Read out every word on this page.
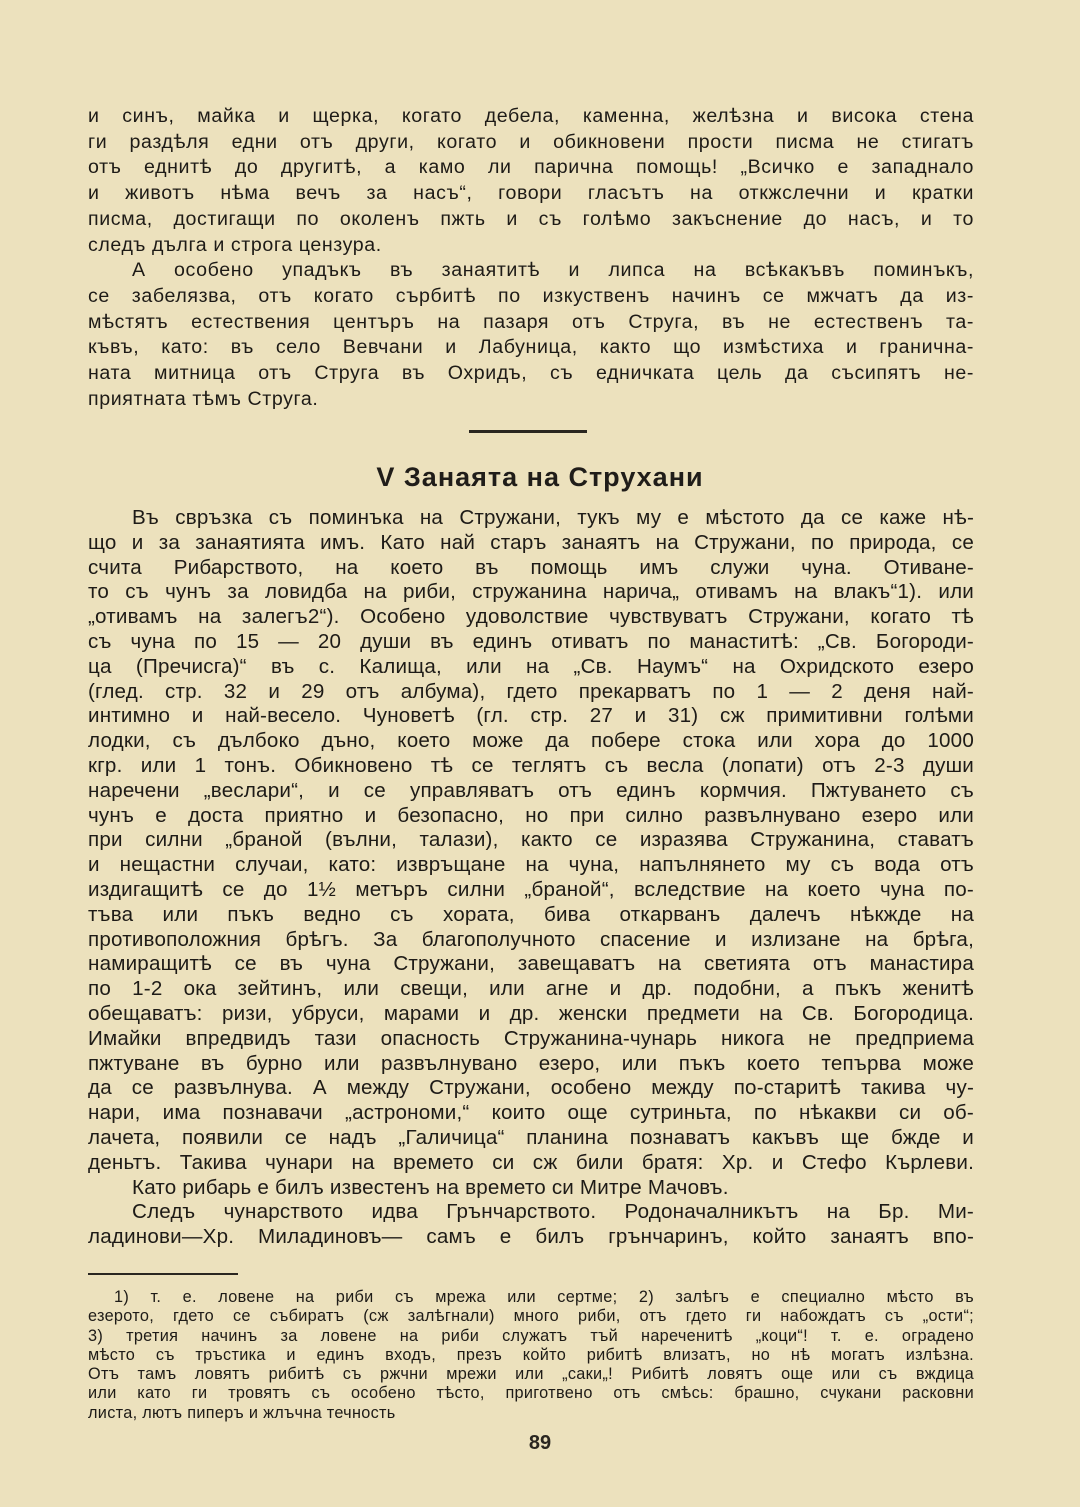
и синъ, майка и щерка, когато дебела, каменна, желѣзна и висока стена
ги раздѣля едни отъ други, когато и обикновени прости писма не стигатъ
отъ еднитѣ до другитѣ, а камо ли парична помощь! „Всичко е западнало
и животъ нѣма вечъ за насъ“, говори гласътъ на откжслечни и кратки
писма, достигащи по околенъ пжть и съ голѣмо закъснение до насъ, и то
следъ дълга и строга цензура.
А особено упадъкъ въ занаятитѣ и липса на всѣкакъвъ поминъкъ,
се забелязва, отъ когато сърбитѣ по изкуственъ начинъ се мжчатъ да из-
мѣстятъ естествения центъръ на пазаря отъ Струга, въ не естественъ та-
къвъ, като: въ село Вевчани и Лабуница, както що измѣстиха и гранична-
ната митница отъ Струга въ Охридъ, съ едничката цель да съсипятъ не-
приятната тѣмъ Струга.
V Занаята на Струхани
Въ свръзка съ поминъка на Стружани, тукъ му е мѣстото да се каже нѣ-
що и за занаятията имъ. Като най старъ занаятъ на Стружани, по природа, се
счита Рибарството, на което въ помощь имъ служи чуна. Отиване-
то съ чунъ за ловидба на риби, стружанина нарича„ отивамъ на влакъ“1). или
„отивамъ на залегъ2“). Особено удоволствие чувствуватъ Стружани, когато тѣ
съ чуна по 15 — 20 души въ единъ отиватъ по манаститѣ: „Св. Богороди-
ца (Пречисга)“ въ с. Калища, или на „Св. Наумъ“ на Охридското езеро
(глед. стр. 32 и 29 отъ албума), гдето прекарватъ по 1 — 2 деня най-
интимно и най-весело. Чуноветѣ (гл. стр. 27 и 31) сж примитивни голѣми
лодки, съ дълбоко дъно, което може да побере стока или хора до 1000
кгр. или 1 тонъ. Обикновено тѣ се теглятъ съ весла (лопати) отъ 2-3 души
наречени „веслари“, и се управляватъ отъ единъ кормчия. Пжтуването съ
чунъ е доста приятно и безопасно, но при силно развълнувано езеро или
при силни „браной (вълни, талази), както се изразява Стружанина, ставатъ
и нещастни случаи, като: извръщане на чуна, напълнянето му съ вода отъ
издигащитѣ се до 1½ метъръ силни „браной“, вследствие на което чуна по-
тъва или пъкъ ведно съ хората, бива откарванъ далечъ нѣкжде на
противоположния брѣгъ. За благополучното спасение и излизане на брѣга,
намиращитѣ се въ чуна Стружани, завещаватъ на светията отъ манастира
по 1-2 ока зейтинъ, или свещи, или агне и др. подобни, а пъкъ женитѣ
обещаватъ: ризи, убруси, марами и др. женски предмети на Св. Богородица.
Имайки впредвидъ тази опасность Стружанина-чунарь никога не предприема
пжтуване въ бурно или развълнувано езеро, или пъкъ което тепърва може
да се развълнува. А между Стружани, особено между по-старитѣ такива чу-
нари, има познавачи „астрономи,“ които още сутриньта, по нѣкакви си об-
лачета, появили се надъ „Галичица“ планина познаватъ какъвъ ще бжде и
деньтъ. Такива чунари на времето си сж били братя: Хр. и Стефо Кърлеви.
Като рибарь е билъ известенъ на времето си Митре Мачовъ.
Следъ чунарството идва Грънчарството. Родоначалникътъ на Бр. Ми-
ладинови—Хр. Миладиновъ— самъ е билъ грънчаринъ, който занаятъ впо-
1) т. е. ловене на риби съ мрежа или сертме; 2) залѣгъ е специално мѣсто въ
езерото, гдето се събиратъ (сж залѣгнали) много риби, отъ гдето ги набождатъ съ „ости“;
3) третия начинъ за ловене на риби служатъ тъй нареченитѣ „коци“! т. е. оградено
мѣсто съ тръстика и единъ входъ, презъ който рибитѣ влизатъ, но нѣ могатъ излѣзна.
Отъ тамъ ловятъ рибитѣ съ ржчни мрежи или „саки„! Рибитѣ ловятъ още или съ вждица
или като ги тровятъ съ особено тѣсто, приготвено отъ смѣсь: брашно, счукани расковни
листа, лютъ пиперъ и жлъчна течность
89
